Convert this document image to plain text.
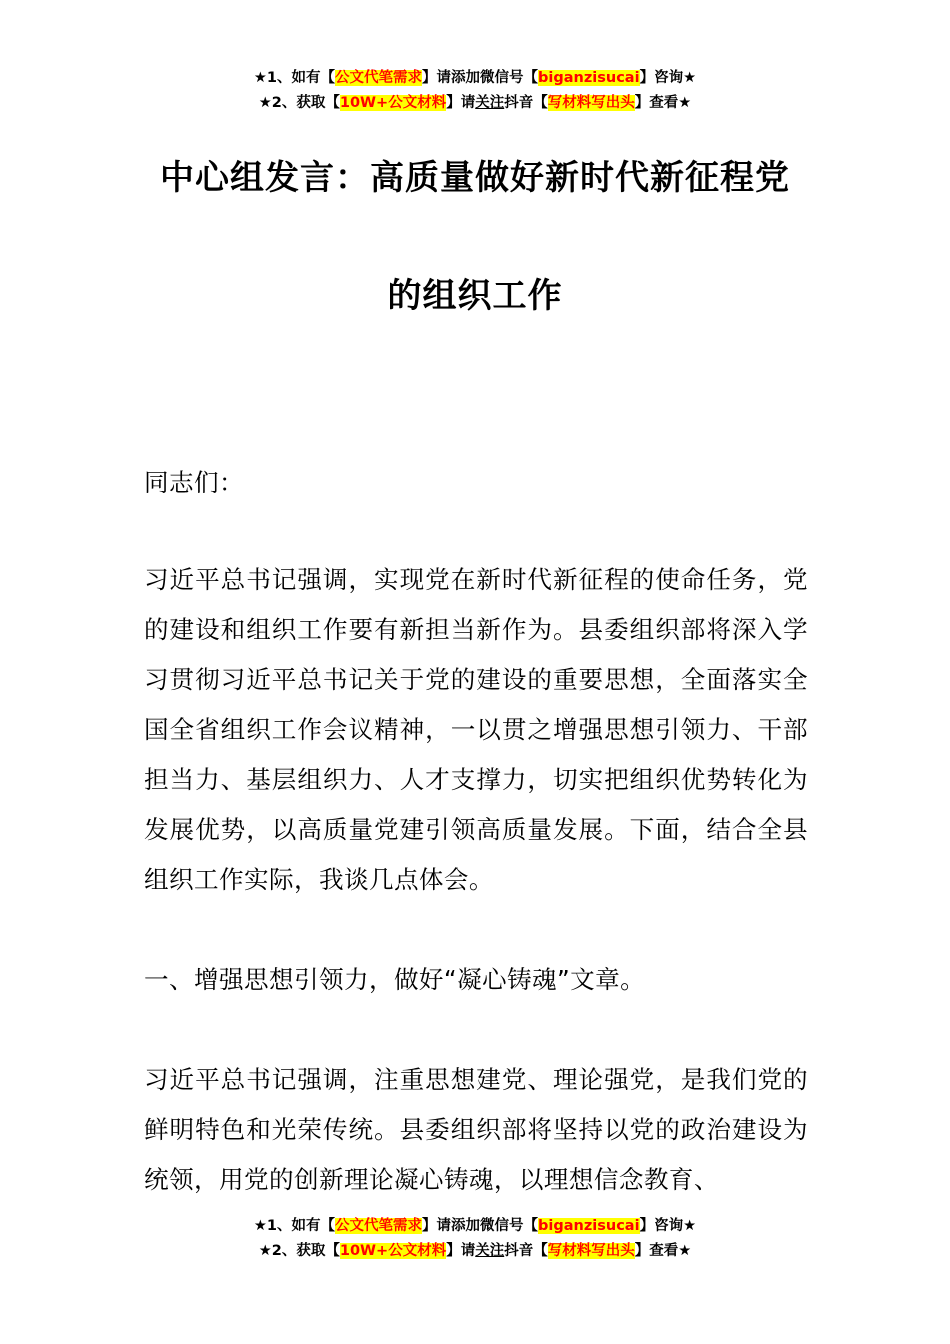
★1、如有【公文代笔需求】请添加微信号【biganzisucai】咨询★
★2、获取【10W+公文材料】请关注抖音【写材料写出头】查看★
中心组发言：高质量做好新时代新征程党
的组织工作

同志们：

习近平总书记强调，实现党在新时代新征程的使命任务，党的建设和组织工作要有新担当新作为。县委组织部将深入学习贯彻习近平总书记关于党的建设的重要思想，全面落实全国全省组织工作会议精神，一以贯之增强思想引领力、干部担当力、基层组织力、人才支撑力，切实把组织优势转化为发展优势，以高质量党建引领高质量发展。下面，结合全县组织工作实际，我谈几点体会。

一、增强思想引领力，做好“凝心铸魂”文章。

习近平总书记强调，注重思想建党、理论强党，是我们党的鲜明特色和光荣传统。县委组织部将坚持以党的政治建设为统领，用党的创新理论凝心铸魂，以理想信念教育、

★1、如有【公文代笔需求】请添加微信号【biganzisucai】咨询★
★2、获取【10W+公文材料】请关注抖音【写材料写出头】查看★
